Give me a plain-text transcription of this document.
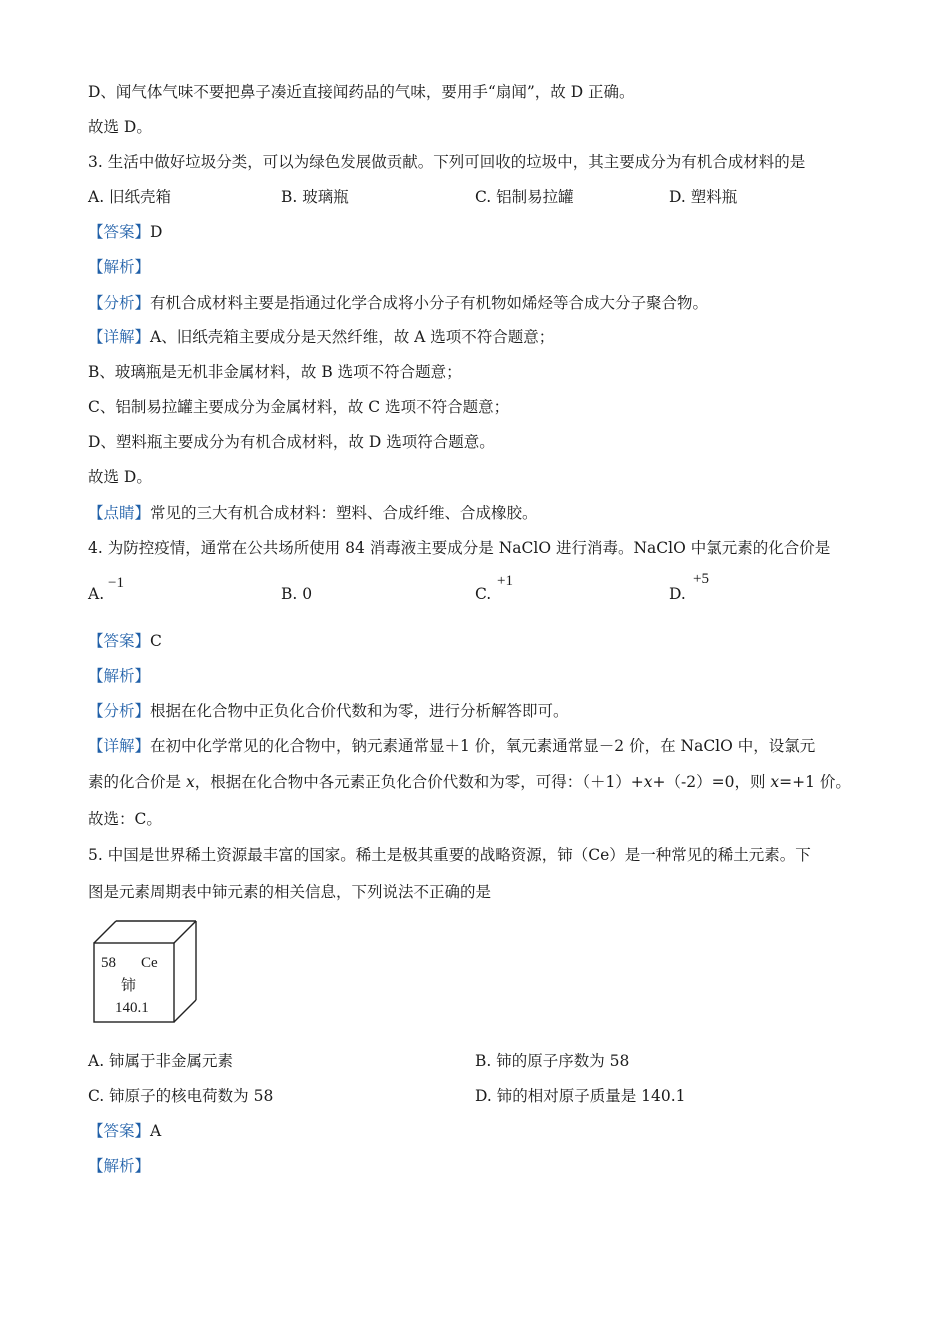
D、闻气体气味不要把鼻子凑近直接闻药品的气味，要用手“扇闻”，故 D 正确。
故选 D。
3. 生活中做好垃圾分类，可以为绿色发展做贡献。下列可回收的垃圾中，其主要成分为有机合成材料的是
A. 旧纸壳箱	B. 玻璃瓶	C. 铝制易拉罐	D. 塑料瓶
【答案】D
【解析】
【分析】有机合成材料主要是指通过化学合成将小分子有机物如烯烃等合成大分子聚合物。
【详解】A、旧纸壳箱主要成分是天然纤维，故 A 选项不符合题意；
B、玻璃瓶是无机非金属材料，故 B 选项不符合题意；
C、铝制易拉罐主要成分为金属材料，故 C 选项不符合题意；
D、塑料瓶主要成分为有机合成材料，故 D 选项符合题意。
故选 D。
【点睛】常见的三大有机合成材料：塑料、合成纤维、合成橡胶。
4. 为防控疫情，通常在公共场所使用 84 消毒液主要成分是 NaClO 进行消毒。NaClO 中氯元素的化合价是
A.
−1
B. 0	C.
+1
D.
+5
【答案】C
【解析】
【分析】根据在化合物中正负化合价代数和为零，进行分析解答即可。
【详解】在初中化学常见的化合物中，钠元素通常显＋1 价，氧元素通常显－2 价，在 NaClO 中，设氯元
素的化合价是 x，根据在化合物中各元素正负化合价代数和为零，可得：（＋1）+x+（-2）=0，则 x=+1 价。
故选：C。
5. 中国是世界稀土资源最丰富的国家。稀土是极其重要的战略资源，铈（Ce）是一种常见的稀土元素。下
图是元素周期表中铈元素的相关信息，下列说法不正确的是
58 Ce
铈
140.1
A. 铈属于非金属元素	B. 铈的原子序数为 58
C. 铈原子的核电荷数为 58	D. 铈的相对原子质量是 140.1
【答案】A
【解析】
